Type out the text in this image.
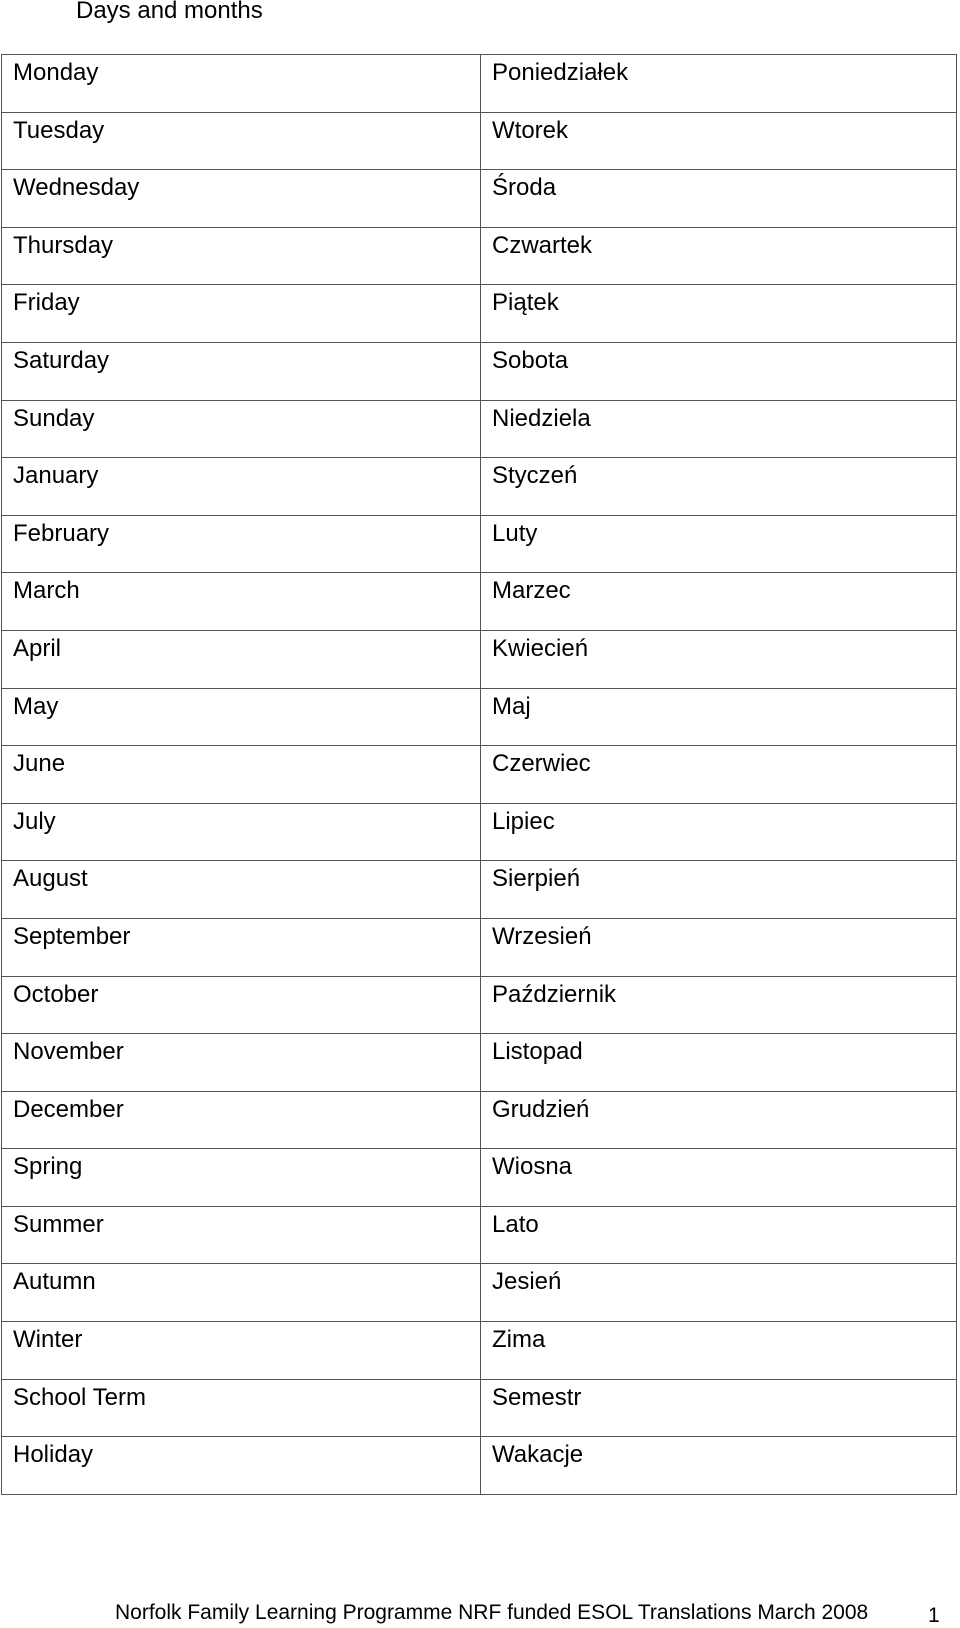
Days and months
Monday	Poniedziałek
Tuesday	Wtorek
Wednesday	Środa
Thursday	Czwartek
Friday	Piątek
Saturday	Sobota
Sunday	Niedziela
January	Styczeń
February	Luty
March	Marzec
April	Kwiecień
May	Maj
June	Czerwiec
July	Lipiec
August	Sierpień
September	Wrzesień
October	Październik
November	Listopad
December	Grudzień
Spring	Wiosna
Summer	Lato
Autumn	Jesień
Winter	Zima
School Term	Semestr
Holiday	Wakacje
Norfolk Family Learning Programme NRF funded ESOL Translations March 2008	1
